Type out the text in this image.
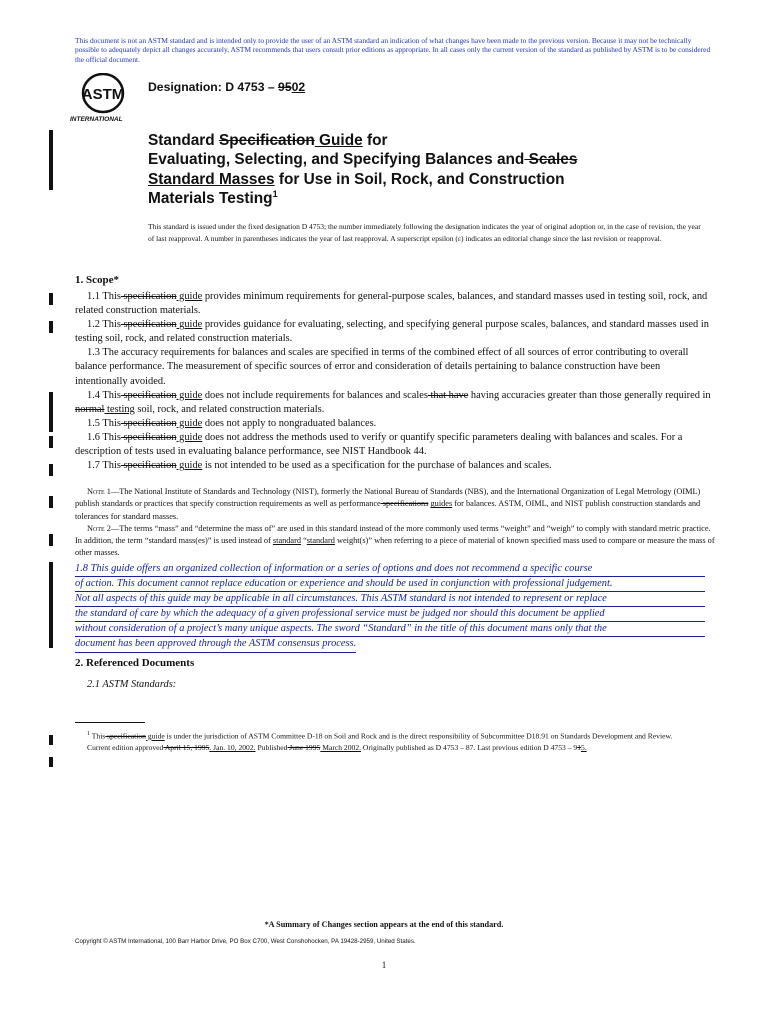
This document is not an ASTM standard and is intended only to provide the user of an ASTM standard an indication of what changes have been made to the previous version. Because it may not be technically possible to adequately depict all changes accurately, ASTM recommends that users consult prior editions as appropriate. In all cases only the current version of the standard as published by ASTM is to be considered the official document.
ASTM
INTERNATIONAL
Designation: D 4753 – 9502
Standard Specification Guide for
Evaluating, Selecting, and Specifying Balances and Scales
Standard Masses for Use in Soil, Rock, and Construction
Materials Testing$^1$
This standard is issued under the fixed designation D 4753; the number immediately following the designation indicates the year of original adoption or, in the case of revision, the year of last reapproval. A number in parentheses indicates the year of last reapproval. A superscript epsilon (ε) indicates an editorial change since the last revision or reapproval.
1. Scope*

1.1 This specification guide provides minimum requirements for general-purpose scales, balances, and standard masses used in testing soil, rock, and related construction materials.

1.2 This specification guide provides guidance for evaluating, selecting, and specifying general purpose scales, balances, and standard masses used in testing soil, rock, and related construction materials.

1.3 The accuracy requirements for balances and scales are specified in terms of the combined effect of all sources of error contributing to overall balance performance. The measurement of specific sources of error and consideration of details pertaining to balance construction have been intentionally avoided.

1.4 This specification guide does not include requirements for balances and scales that have having accuracies greater than those generally required in normal testing soil, rock, and related construction materials.

1.5 This specification guide does not apply to nongraduated balances.

1.6 This specification guide does not address the methods used to verify or quantify specific parameters dealing with balances and scales. For a description of tests used in evaluating balance performance, see NIST Handbook 44.

1.7 This specification guide is not intended to be used as a specification for the purchase of balances and scales.

Note 1—The National Institute of Standards and Technology (NIST), formerly the National Bureau of Standards (NBS), and the International Organization of Legal Metrology (OIML) publish standards or practices that specify construction requirements as well as performance specifications guides for balances. ASTM, OIML, and NIST publish construction standards and tolerances for standard masses.

Note 2—The terms “mass” and “determine the mass of” are used in this standard instead of the more commonly used terms “weight” and “weigh” to comply with standard metric practice. In addition, the term “standard mass(es)” is used instead of standard “standard weight(s)” when referring to a piece of material of known specified mass used to compare or measure the mass of other masses.

1.8 This guide offers an organized collection of information or a series of options and does not recommend a specific course
of action. This document cannot replace education or experience and should be used in conjunction with professional judgement.
Not all aspects of this guide may be applicable in all circumstances. This ASTM standard is not intended to represent or replace
the standard of care by which the adequacy of a given professional service must be judged nor should this document be applied
without consideration of a project’s many unique aspects. The sword “Standard” in the title of this document mans only that the
document has been approved through the ASTM consensus process.
2. Referenced Documents
2.1 ASTM Standards:

$^1$ This specification guide is under the jurisdiction of ASTM Committee D-18 on Soil and Rock and is the direct responsibility of Subcommittee D18.91 on Standards Development and Review.

Current edition approved April 15, 1995. Jan. 10, 2002. Published June 1995 March 2002. Originally published as D 4753 – 87. Last previous edition D 4753 – 915.

*A Summary of Changes section appears at the end of this standard.
Copyright © ASTM International, 100 Barr Harbor Drive, PO Box C700, West Conshohocken, PA 19428-2959, United States.
1
